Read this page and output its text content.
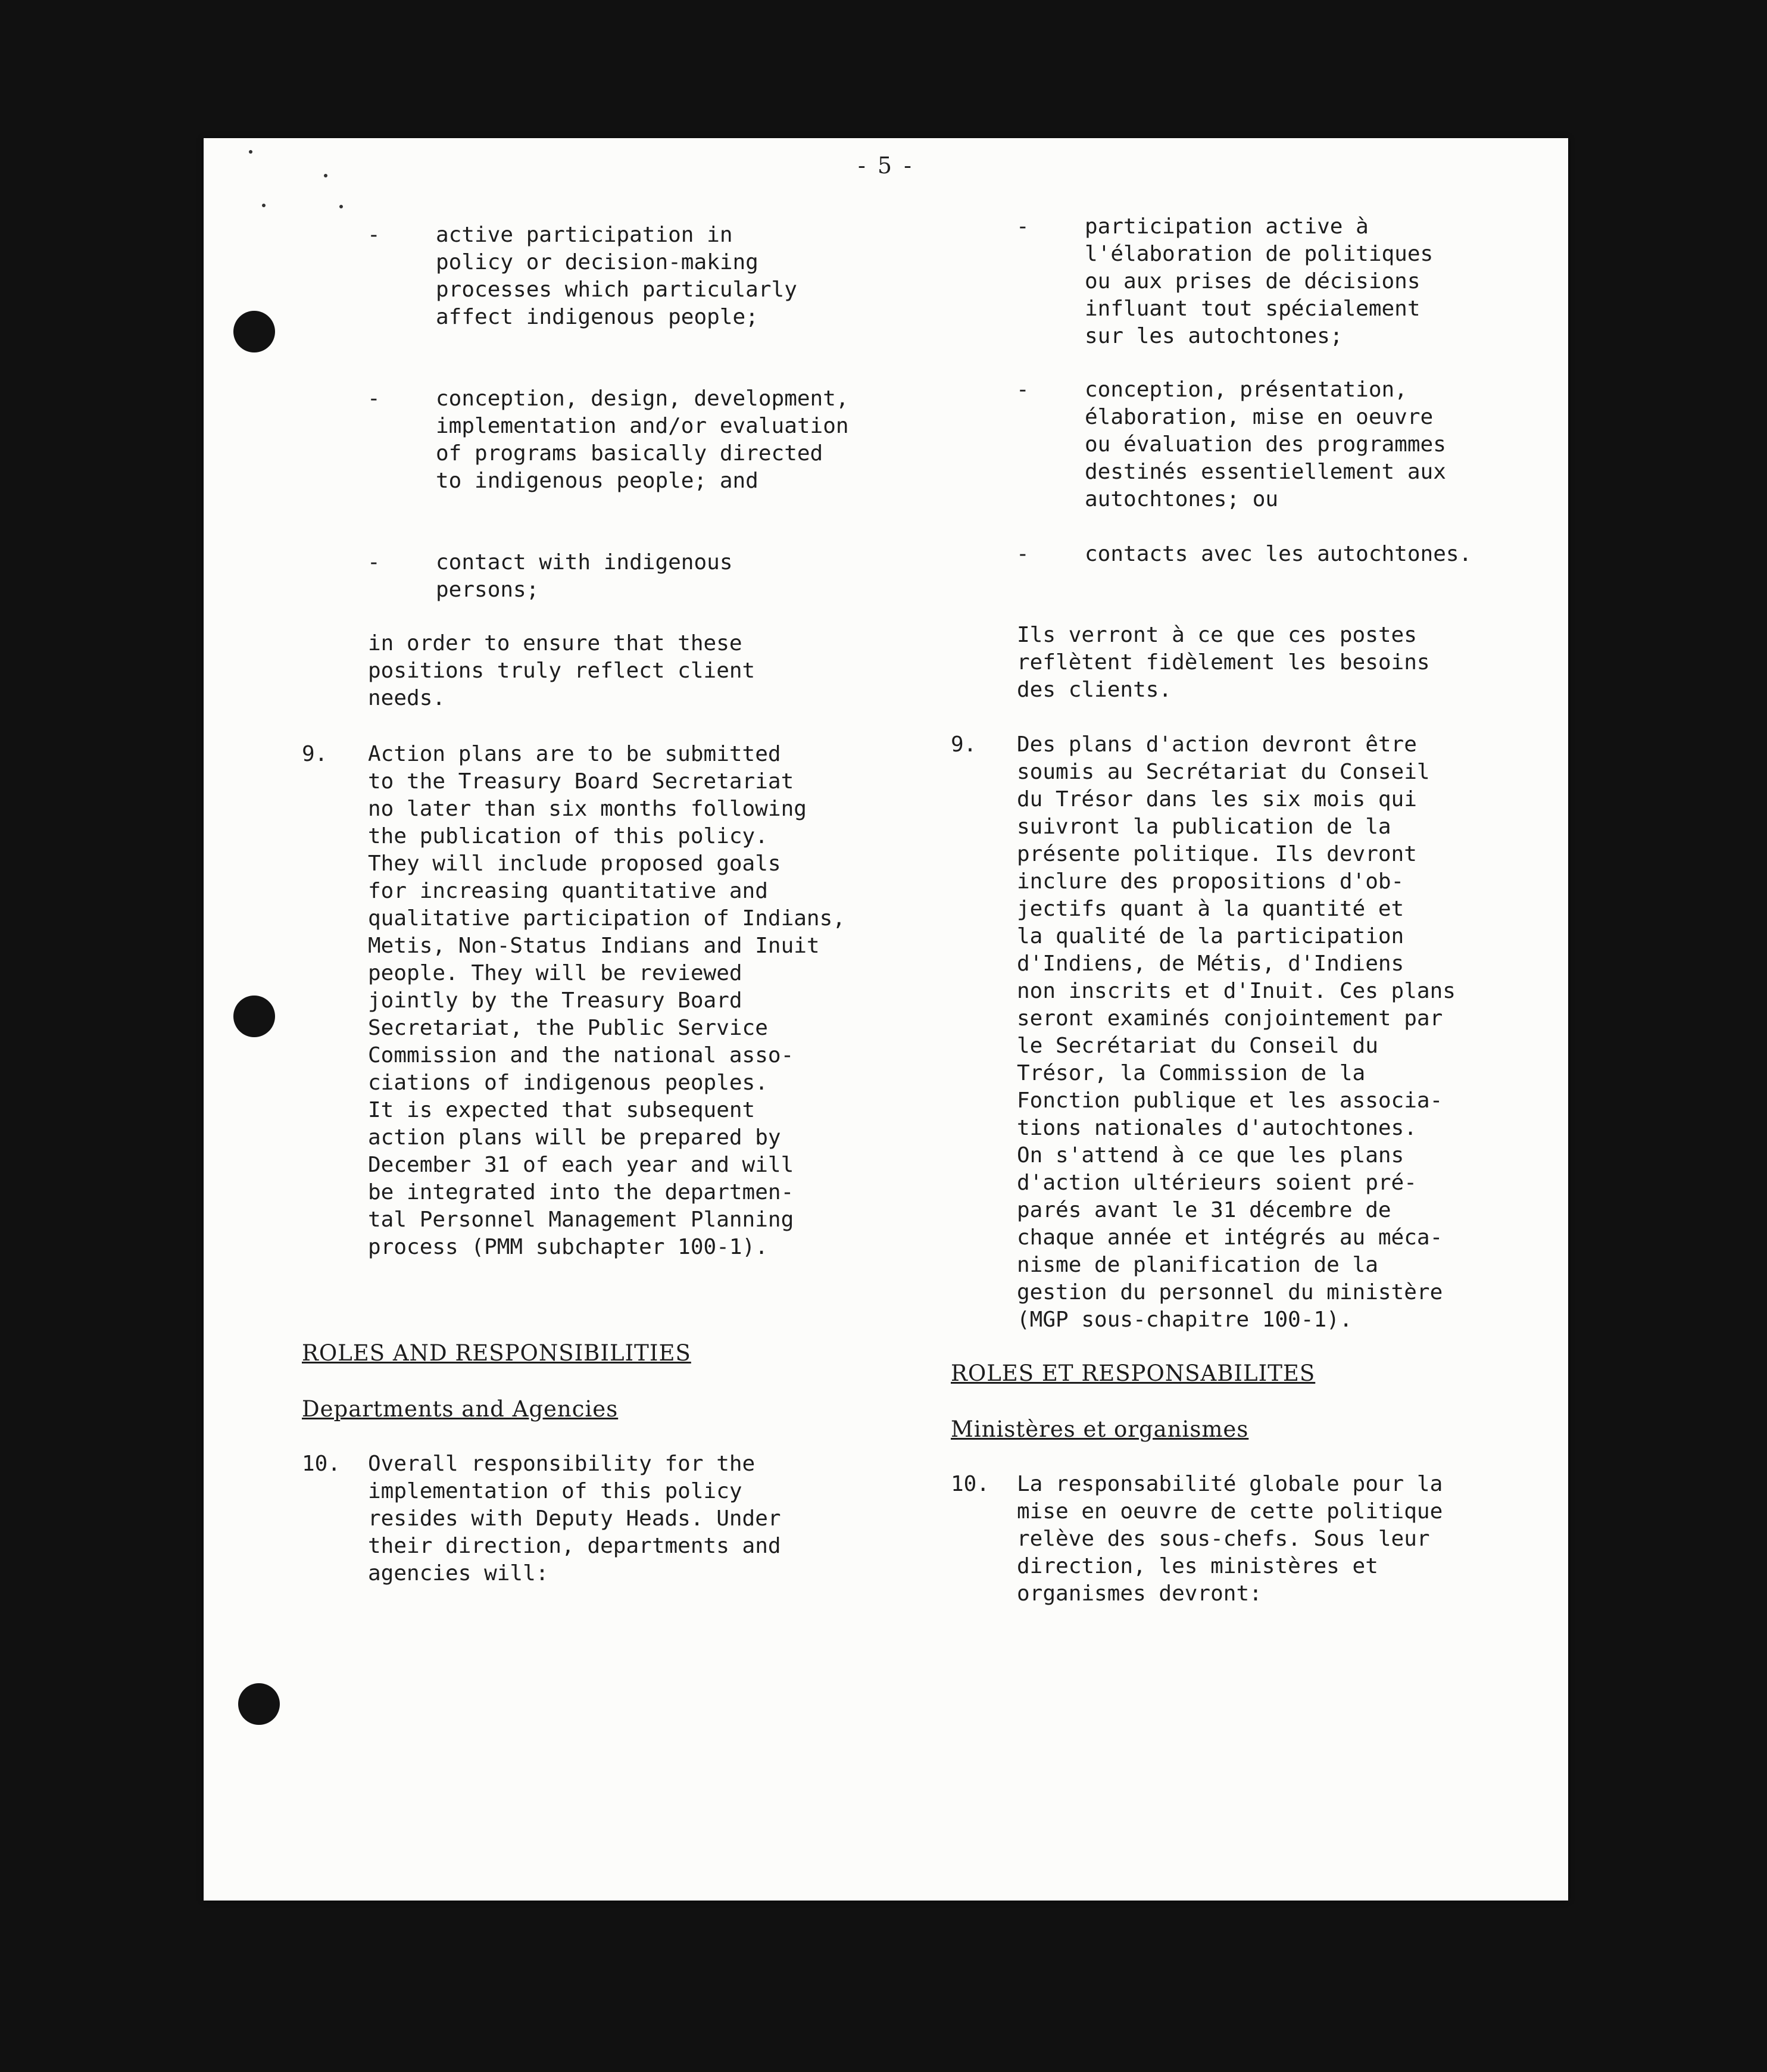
- 5 -
-	active participation in
policy or decision-making
processes which particularly
affect indigenous people;
-	conception, design, development,
implementation and/or evaluation
of programs basically directed
to indigenous people; and
-	contact with indigenous
persons;
in order to ensure that these
positions truly reflect client
needs.
9. Action plans are to be submitted
to the Treasury Board Secretariat
no later than six months following
the publication of this policy.
They will include proposed goals
for increasing quantitative and
qualitative participation of Indians,
Metis, Non-Status Indians and Inuit
people. They will be reviewed
jointly by the Treasury Board
Secretariat, the Public Service
Commission and the national asso-
ciations of indigenous peoples.
It is expected that subsequent
action plans will be prepared by
December 31 of each year and will
be integrated into the departmen-
tal Personnel Management Planning
process (PMM subchapter 100-1).
ROLES AND RESPONSIBILITIES
Departments and Agencies
10. Overall responsibility for the
implementation of this policy
resides with Deputy Heads. Under
their direction, departments and
agencies will:
-	participation active à
l'élaboration de politiques
ou aux prises de décisions
influant tout spécialement
sur les autochtones;
-	conception, présentation,
élaboration, mise en oeuvre
ou évaluation des programmes
destinés essentiellement aux
autochtones; ou
-	contacts avec les autochtones.
Ils verront à ce que ces postes
reflètent fidèlement les besoins
des clients.
9. Des plans d'action devront être
soumis au Secrétariat du Conseil
du Trésor dans les six mois qui
suivront la publication de la
présente politique. Ils devront
inclure des propositions d'ob-
jectifs quant à la quantité et
la qualité de la participation
d'Indiens, de Métis, d'Indiens
non inscrits et d'Inuit. Ces plans
seront examinés conjointement par
le Secrétariat du Conseil du
Trésor, la Commission de la
Fonction publique et les associa-
tions nationales d'autochtones.
On s'attend à ce que les plans
d'action ultérieurs soient pré-
parés avant le 31 décembre de
chaque année et intégrés au méca-
nisme de planification de la
gestion du personnel du ministère
(MGP sous-chapitre 100-1).
ROLES ET RESPONSABILITES
Ministères et organismes
10. La responsabilité globale pour la
mise en oeuvre de cette politique
relève des sous-chefs. Sous leur
direction, les ministères et
organismes devront:
